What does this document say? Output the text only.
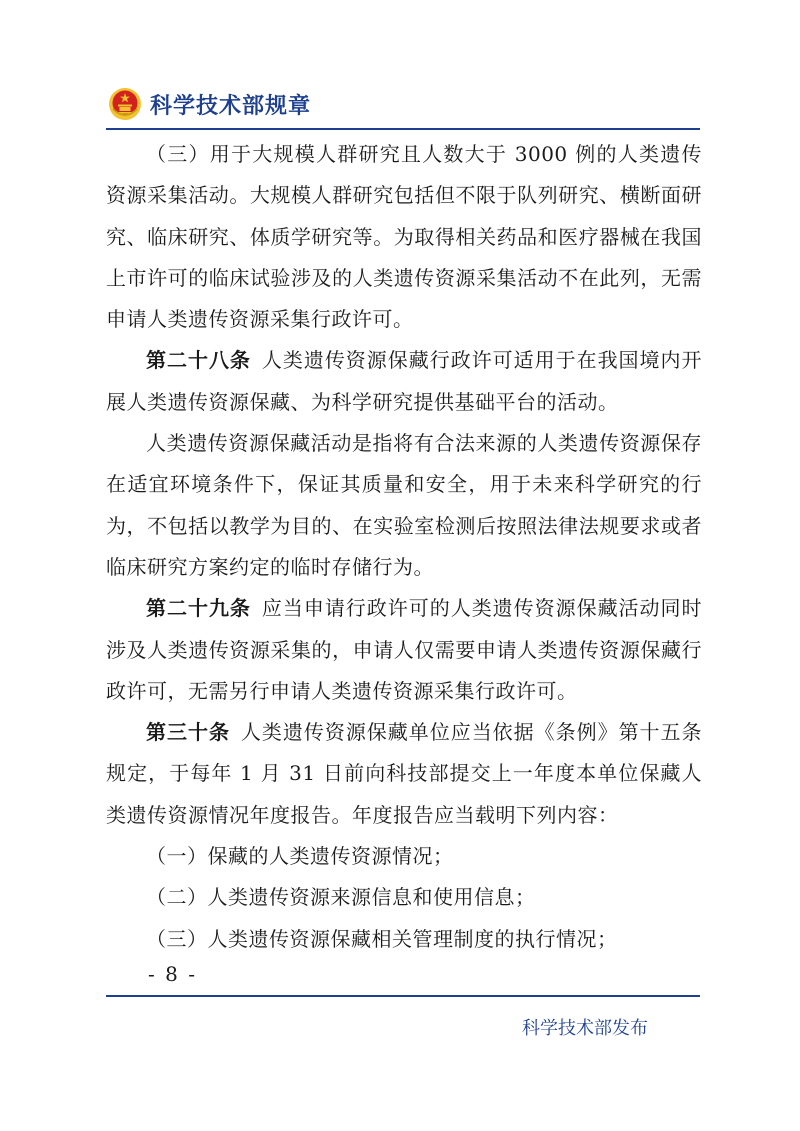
科学技术部规章

（三）用于大规模人群研究且人数大于 3000 例的人类遗传资源采集活动。大规模人群研究包括但不限于队列研究、横断面研究、临床研究、体质学研究等。为取得相关药品和医疗器械在我国上市许可的临床试验涉及的人类遗传资源采集活动不在此列，无需申请人类遗传资源采集行政许可。

第二十八条  人类遗传资源保藏行政许可适用于在我国境内开展人类遗传资源保藏、为科学研究提供基础平台的活动。

人类遗传资源保藏活动是指将有合法来源的人类遗传资源保存在适宜环境条件下，保证其质量和安全，用于未来科学研究的行为，不包括以教学为目的、在实验室检测后按照法律法规要求或者临床研究方案约定的临时存储行为。

第二十九条  应当申请行政许可的人类遗传资源保藏活动同时涉及人类遗传资源采集的，申请人仅需要申请人类遗传资源保藏行政许可，无需另行申请人类遗传资源采集行政许可。

第三十条  人类遗传资源保藏单位应当依据《条例》第十五条规定，于每年 1 月 31 日前向科技部提交上一年度本单位保藏人类遗传资源情况年度报告。年度报告应当载明下列内容：

（一）保藏的人类遗传资源情况；

（二）人类遗传资源来源信息和使用信息；

（三）人类遗传资源保藏相关管理制度的执行情况；

- 8 -
科学技术部发布
